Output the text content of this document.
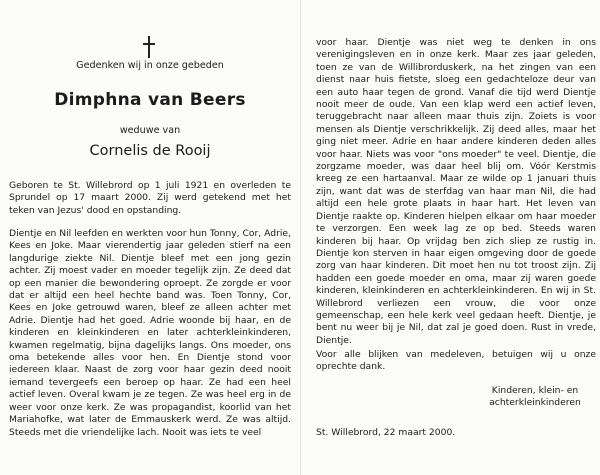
Gedenken wij in onze gebeden
Dimphna van Beers
weduwe van
Cornelis de Rooij

Geboren te St. Willebrord op 1 juli 1921 en overleden te Sprundel op 17 maart 2000. Zij werd getekend met het teken van Jezus' dood en opstanding.

Dientje en Nil leefden en werkten voor hun Tonny, Cor, Adrie, Kees en Joke. Maar vierendertig jaar geleden stierf na een langdurige ziekte Nil. Dientje bleef met een jong gezin achter. Zij moest vader en moeder tegelijk zijn. Ze deed dat op een manier die bewondering oproept. Ze zorgde er voor dat er altijd een heel hechte band was. Toen Tonny, Cor, Kees en Joke getrouwd waren, bleef ze alleen achter met Adrie. Dientje had het goed. Adrie woonde bij haar, en de kinderen en kleinkinderen en later achterkleinkinderen, kwamen regelmatig, bijna dagelijks langs. Ons moeder, ons oma betekende alles voor hen. En Dientje stond voor iedereen klaar. Naast de zorg voor haar gezin deed nooit iemand tevergeefs een beroep op haar. Ze had een heel actief leven. Overal kwam je ze tegen. Ze was heel erg in de weer voor onze kerk. Ze was propagandist, koorlid van het Mariahofke, wat later de Emmauskerk werd. Ze was altijd. Steeds met die vriendelijke lach. Nooit was iets te veel

voor haar. Dientje was niet weg te denken in ons verenigingsleven en in onze kerk. Maar zes jaar geleden, toen ze van de Willibrorduskerk, na het zingen van een dienst naar huis fietste, sloeg een gedachteloze deur van een auto haar tegen de grond. Vanaf die tijd werd Dientje nooit meer de oude. Van een klap werd een actief leven, teruggebracht naar alleen maar thuis zijn. Zoiets is voor mensen als Dientje verschrikkelijk. Zij deed alles, maar het ging niet meer. Adrie en haar andere kinderen deden alles voor haar. Niets was voor "ons moeder" te veel. Dientje, die zorgzame moeder, was daar heel blij om. Vóór Kerstmis kreeg ze een hartaanval. Maar ze wilde op 1 januari thuis zijn, want dat was de sterfdag van haar man Nil, die had altijd een hele grote plaats in haar hart. Het leven van Dientje raakte op. Kinderen hielpen elkaar om haar moeder te verzorgen. Een week lag ze op bed. Steeds waren kinderen bij haar. Op vrijdag ben zich sliep ze rustig in. Dientje kon sterven in haar eigen omgeving door de goede zorg van haar kinderen. Dit moet hen nu tot troost zijn. Zij hadden een goede moeder en oma, maar zij waren goede kinderen, kleinkinderen en achterkleinkinderen. En wij in St. Willebrord verliezen een vrouw, die voor onze gemeenschap, een hele kerk veel gedaan heeft. Dientje, je bent nu weer bij je Nil, dat zal je goed doen. Rust in vrede, Dientje.

Voor alle blijken van medeleven, betuigen wij u onze oprechte dank.

Kinderen, klein- en achterkleinkinderen
St. Willebrord, 22 maart 2000.
